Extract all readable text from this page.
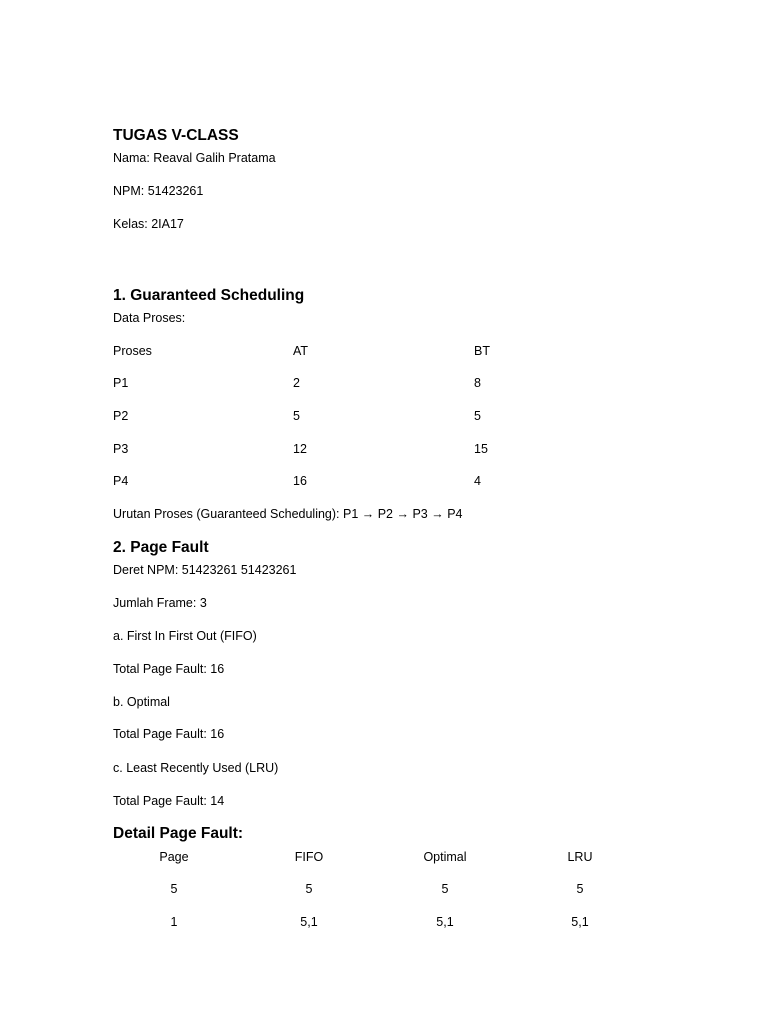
TUGAS V-CLASS
Nama: Reaval Galih Pratama
NPM: 51423261
Kelas: 2IA17
1. Guaranteed Scheduling
Data Proses:
Proses	AT	BT
P1	2	8
P2	5	5
P3	12	15
P4	16	4
Urutan Proses (Guaranteed Scheduling): P1 → P2 → P3 → P4
2. Page Fault
Deret NPM: 51423261 51423261
Jumlah Frame: 3
a. First In First Out (FIFO)
Total Page Fault: 16
b. Optimal
Total Page Fault: 16
c. Least Recently Used (LRU)
Total Page Fault: 14
Detail Page Fault:
Page	FIFO	Optimal	LRU
5	5	5	5
1	5,1	5,1	5,1
